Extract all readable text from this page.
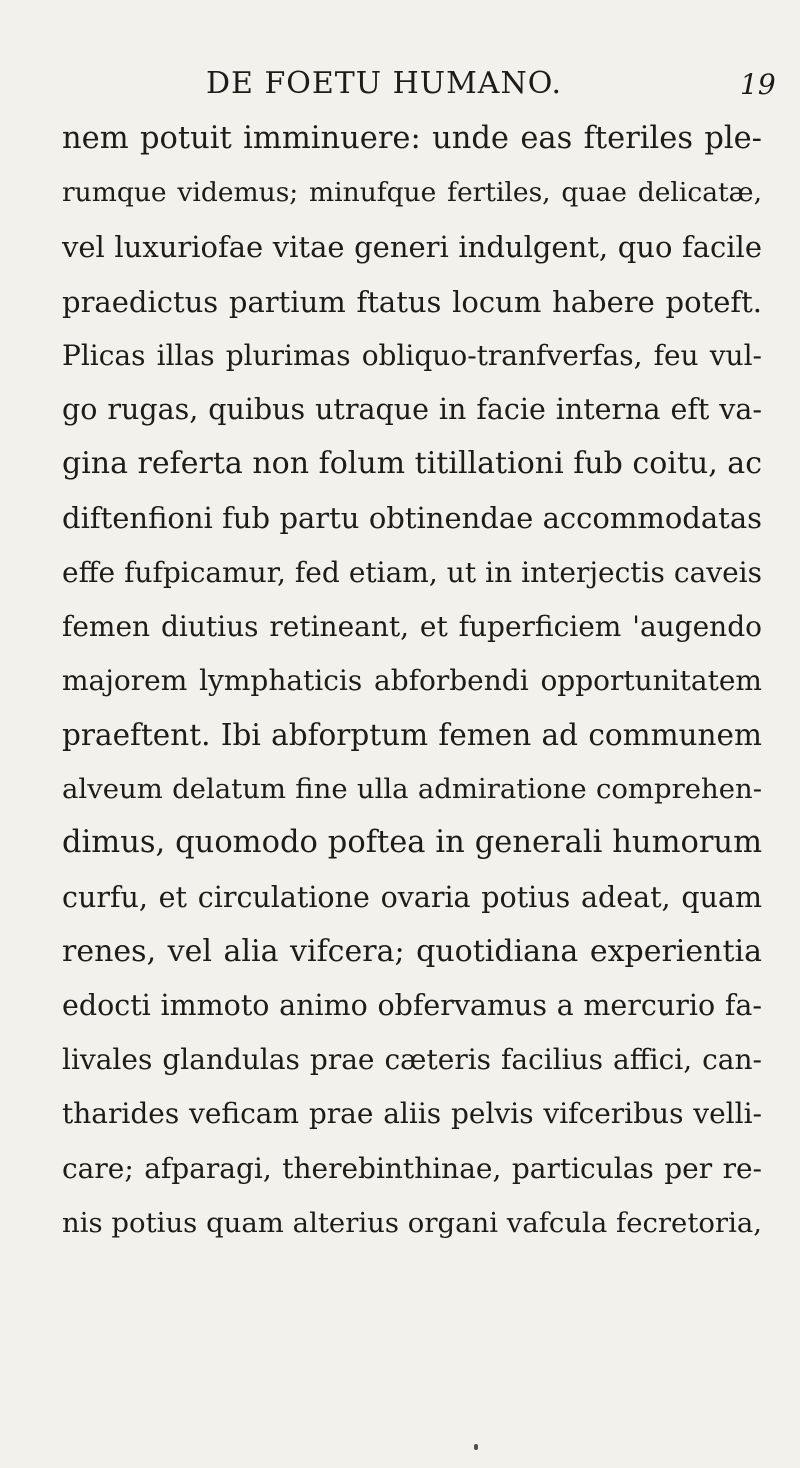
DE FOETU HUMANO.	19
nem potuit imminuere: unde eas fteriles ple-
rumque videmus; minufque fertiles, quae delicatæ,
vel luxuriofae vitae generi indulgent, quo facile
praedictus partium ftatus locum habere poteft.
Plicas illas plurimas obliquo-tranfverfas, feu vul-
go rugas, quibus utraque in facie interna eft va-
gina referta non folum titillationi fub coitu, ac
diftenfioni fub partu obtinendae accommodatas
effe fufpicamur, fed etiam, ut in interjectis caveis
femen diutius retineant, et fuperficiem 'augendo
majorem lymphaticis abforbendi opportunitatem
praeftent. Ibi abforptum femen ad communem
alveum delatum fine ulla admiratione comprehen-
dimus, quomodo poftea in generali humorum
curfu, et circulatione ovaria potius adeat, quam
renes, vel alia vifcera; quotidiana experientia
edocti immoto animo obfervamus a mercurio fa-
livales glandulas prae cæteris facilius affici, can-
tharides veficam prae aliis pelvis vifceribus velli-
care; afparagi, therebinthinae, particulas per re-
nis potius quam alterius organi vafcula fecretoria,
